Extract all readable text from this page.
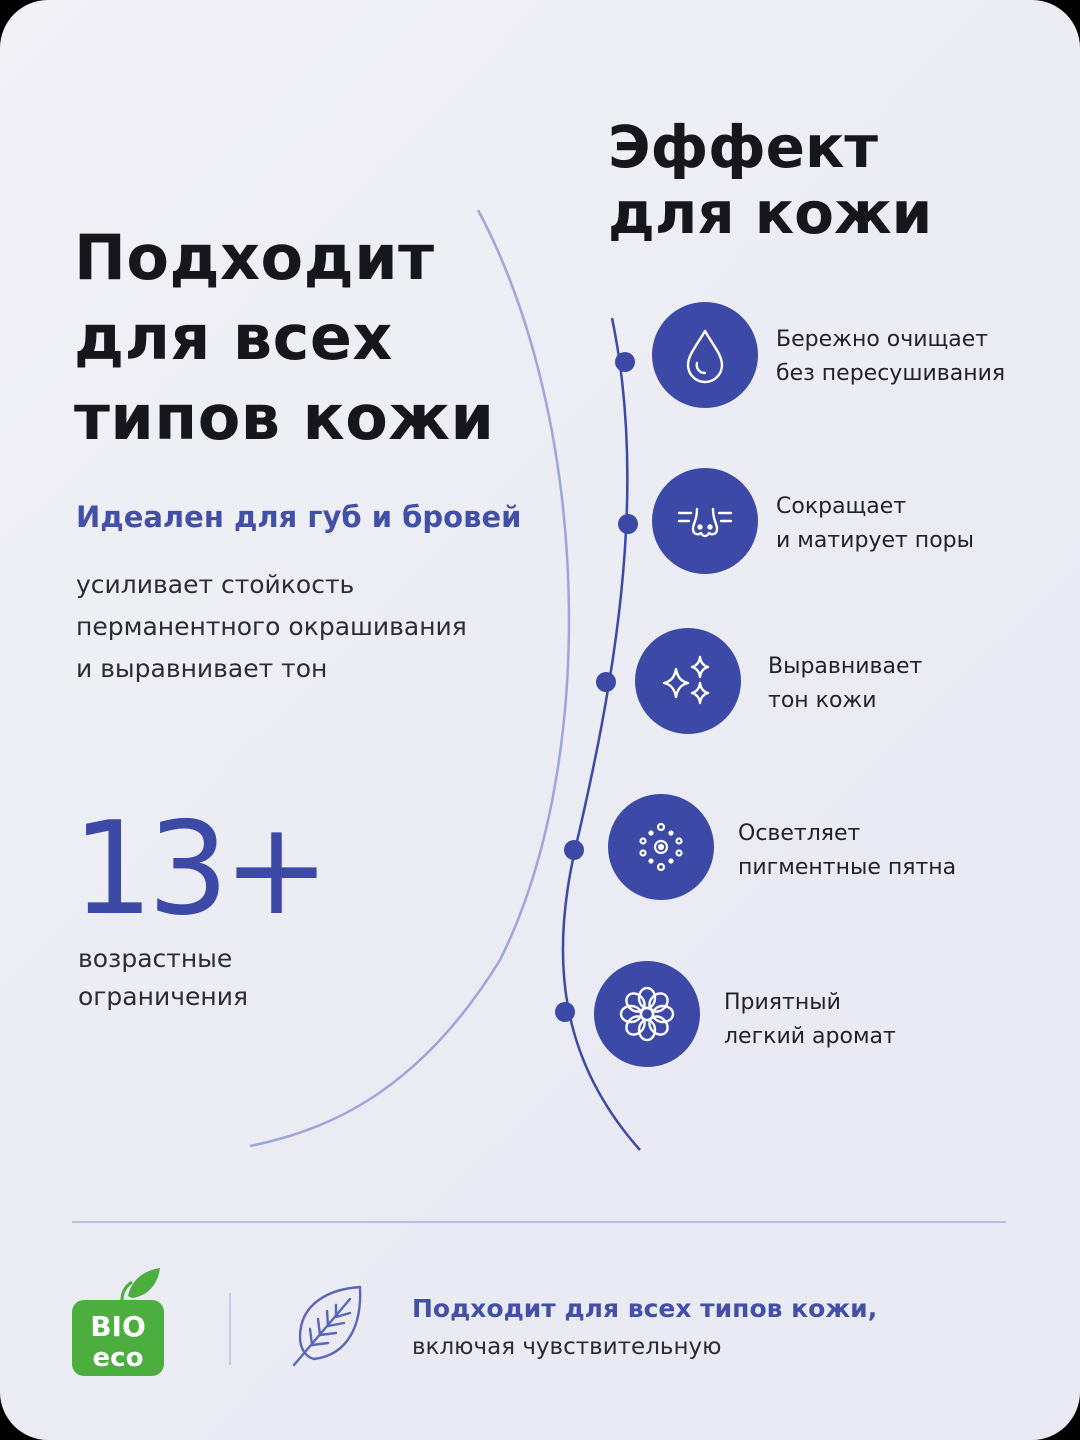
Подходит
для всех
типов кожи
Идеален для губ и бровей
усиливает стойкость
перманентного окрашивания
и выравнивает тон
13+
возрастные
ограничения
Эффект
для кожи
Бережно очищает
без пересушивания
Сокращает
и матирует поры
Выравнивает
тон кожи
Осветляет
пигментные пятна
Приятный
легкий аромат
BIO
eco
Подходит для всех типов кожи,
включая чувствительную
